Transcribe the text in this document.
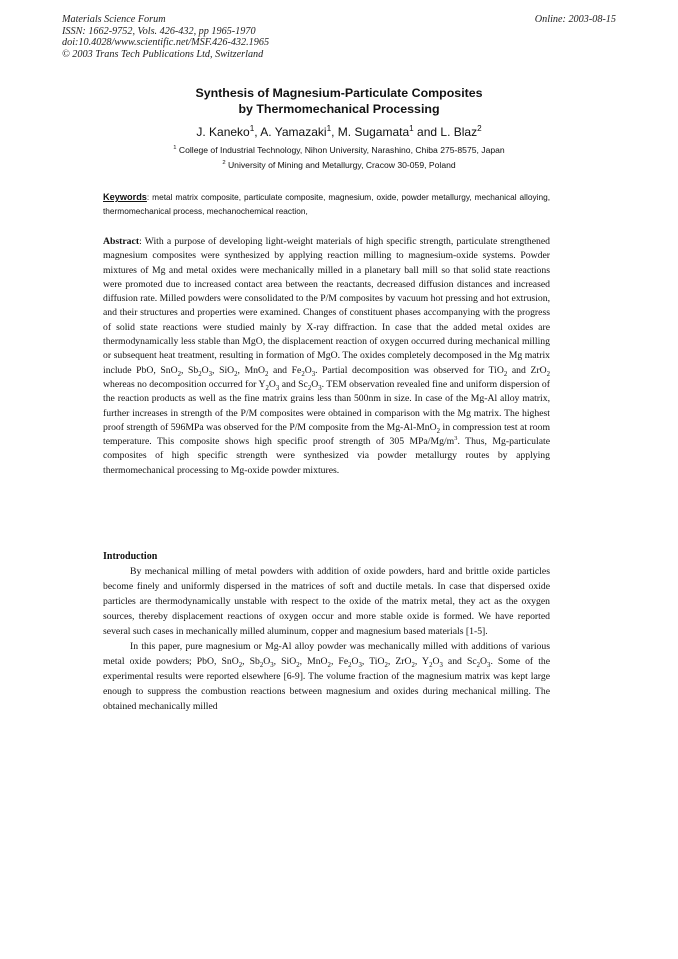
Materials Science Forum
ISSN: 1662-9752, Vols. 426-432, pp 1965-1970
doi:10.4028/www.scientific.net/MSF.426-432.1965
© 2003 Trans Tech Publications Ltd, Switzerland
Online: 2003-08-15
Synthesis of Magnesium-Particulate Composites
by Thermomechanical Processing
J. Kaneko$^1$, A. Yamazaki$^1$, M. Sugamata$^1$ and L. Blaz$^2$
$^1$ College of Industrial Technology, Nihon University, Narashino, Chiba 275-8575, Japan
$^2$ University of Mining and Metallurgy, Cracow 30-059, Poland
Keywords: metal matrix composite, particulate composite, magnesium, oxide, powder metallurgy, mechanical alloying, thermomechanical process, mechanochemical reaction,
Abstract: With a purpose of developing light-weight materials of high specific strength, particulate strengthened magnesium composites were synthesized by applying reaction milling to magnesium-oxide systems. Powder mixtures of Mg and metal oxides were mechanically milled in a planetary ball mill so that solid state reactions were promoted due to increased contact area between the reactants, decreased diffusion distances and increased diffusion rate. Milled powders were consolidated to the P/M composites by vacuum hot pressing and hot extrusion, and their structures and properties were examined. Changes of constituent phases accompanying with the progress of solid state reactions were studied mainly by X-ray diffraction. In case that the added metal oxides are thermodynamically less stable than MgO, the displacement reaction of oxygen occurred during mechanical milling or subsequent heat treatment, resulting in formation of MgO. The oxides completely decomposed in the Mg matrix include PbO, SnO$_2$, $Sb_2O_3$, SiO$_2$, MnO$_2$ and $Fe_2O_3$. Partial decomposition was observed for TiO$_2$ and ZrO$_2$ whereas no decomposition occurred for $Y_2O_3$ and $Sc_2O_3$. TEM observation revealed fine and uniform dispersion of the reaction products as well as the fine matrix grains less than 500nm in size. In case of the Mg-Al alloy matrix, further increases in strength of the P/M composites were obtained in comparison with the Mg matrix. The highest proof strength of 596MPa was observed for the P/M composite from the Mg-Al-MnO$_2$ in compression test at room temperature. This composite shows high specific proof strength of 305 MPa/$Mg/m^3$. Thus, Mg-particulate composites of high specific strength were synthesized via powder metallurgy routes by applying thermomechanical processing to Mg-oxide powder mixtures.
Introduction

By mechanical milling of metal powders with addition of oxide powders, hard and brittle oxide particles become finely and uniformly dispersed in the matrices of soft and ductile metals. In case that dispersed oxide particles are thermodynamically unstable with respect to the oxide of the matrix metal, they act as the oxygen sources, thereby displacement reactions of oxygen occur and more stable oxide is formed. We have reported several such cases in mechanically milled aluminum, copper and magnesium based materials [1-5].

In this paper, pure magnesium or Mg-Al alloy powder was mechanically milled with additions of various metal oxide powders; PbO, SnO$_2$, $Sb_2O_3$, SiO$_2$, MnO$_2$, $Fe_2O_3$, TiO$_2$, ZrO$_2$, $Y_2O_3$ and $Sc_2O_3$. Some of the experimental results were reported elsewhere [6-9]. The volume fraction of the magnesium matrix was kept large enough to suppress the combustion reactions between magnesium and oxides during mechanical milling. The obtained mechanically milled
